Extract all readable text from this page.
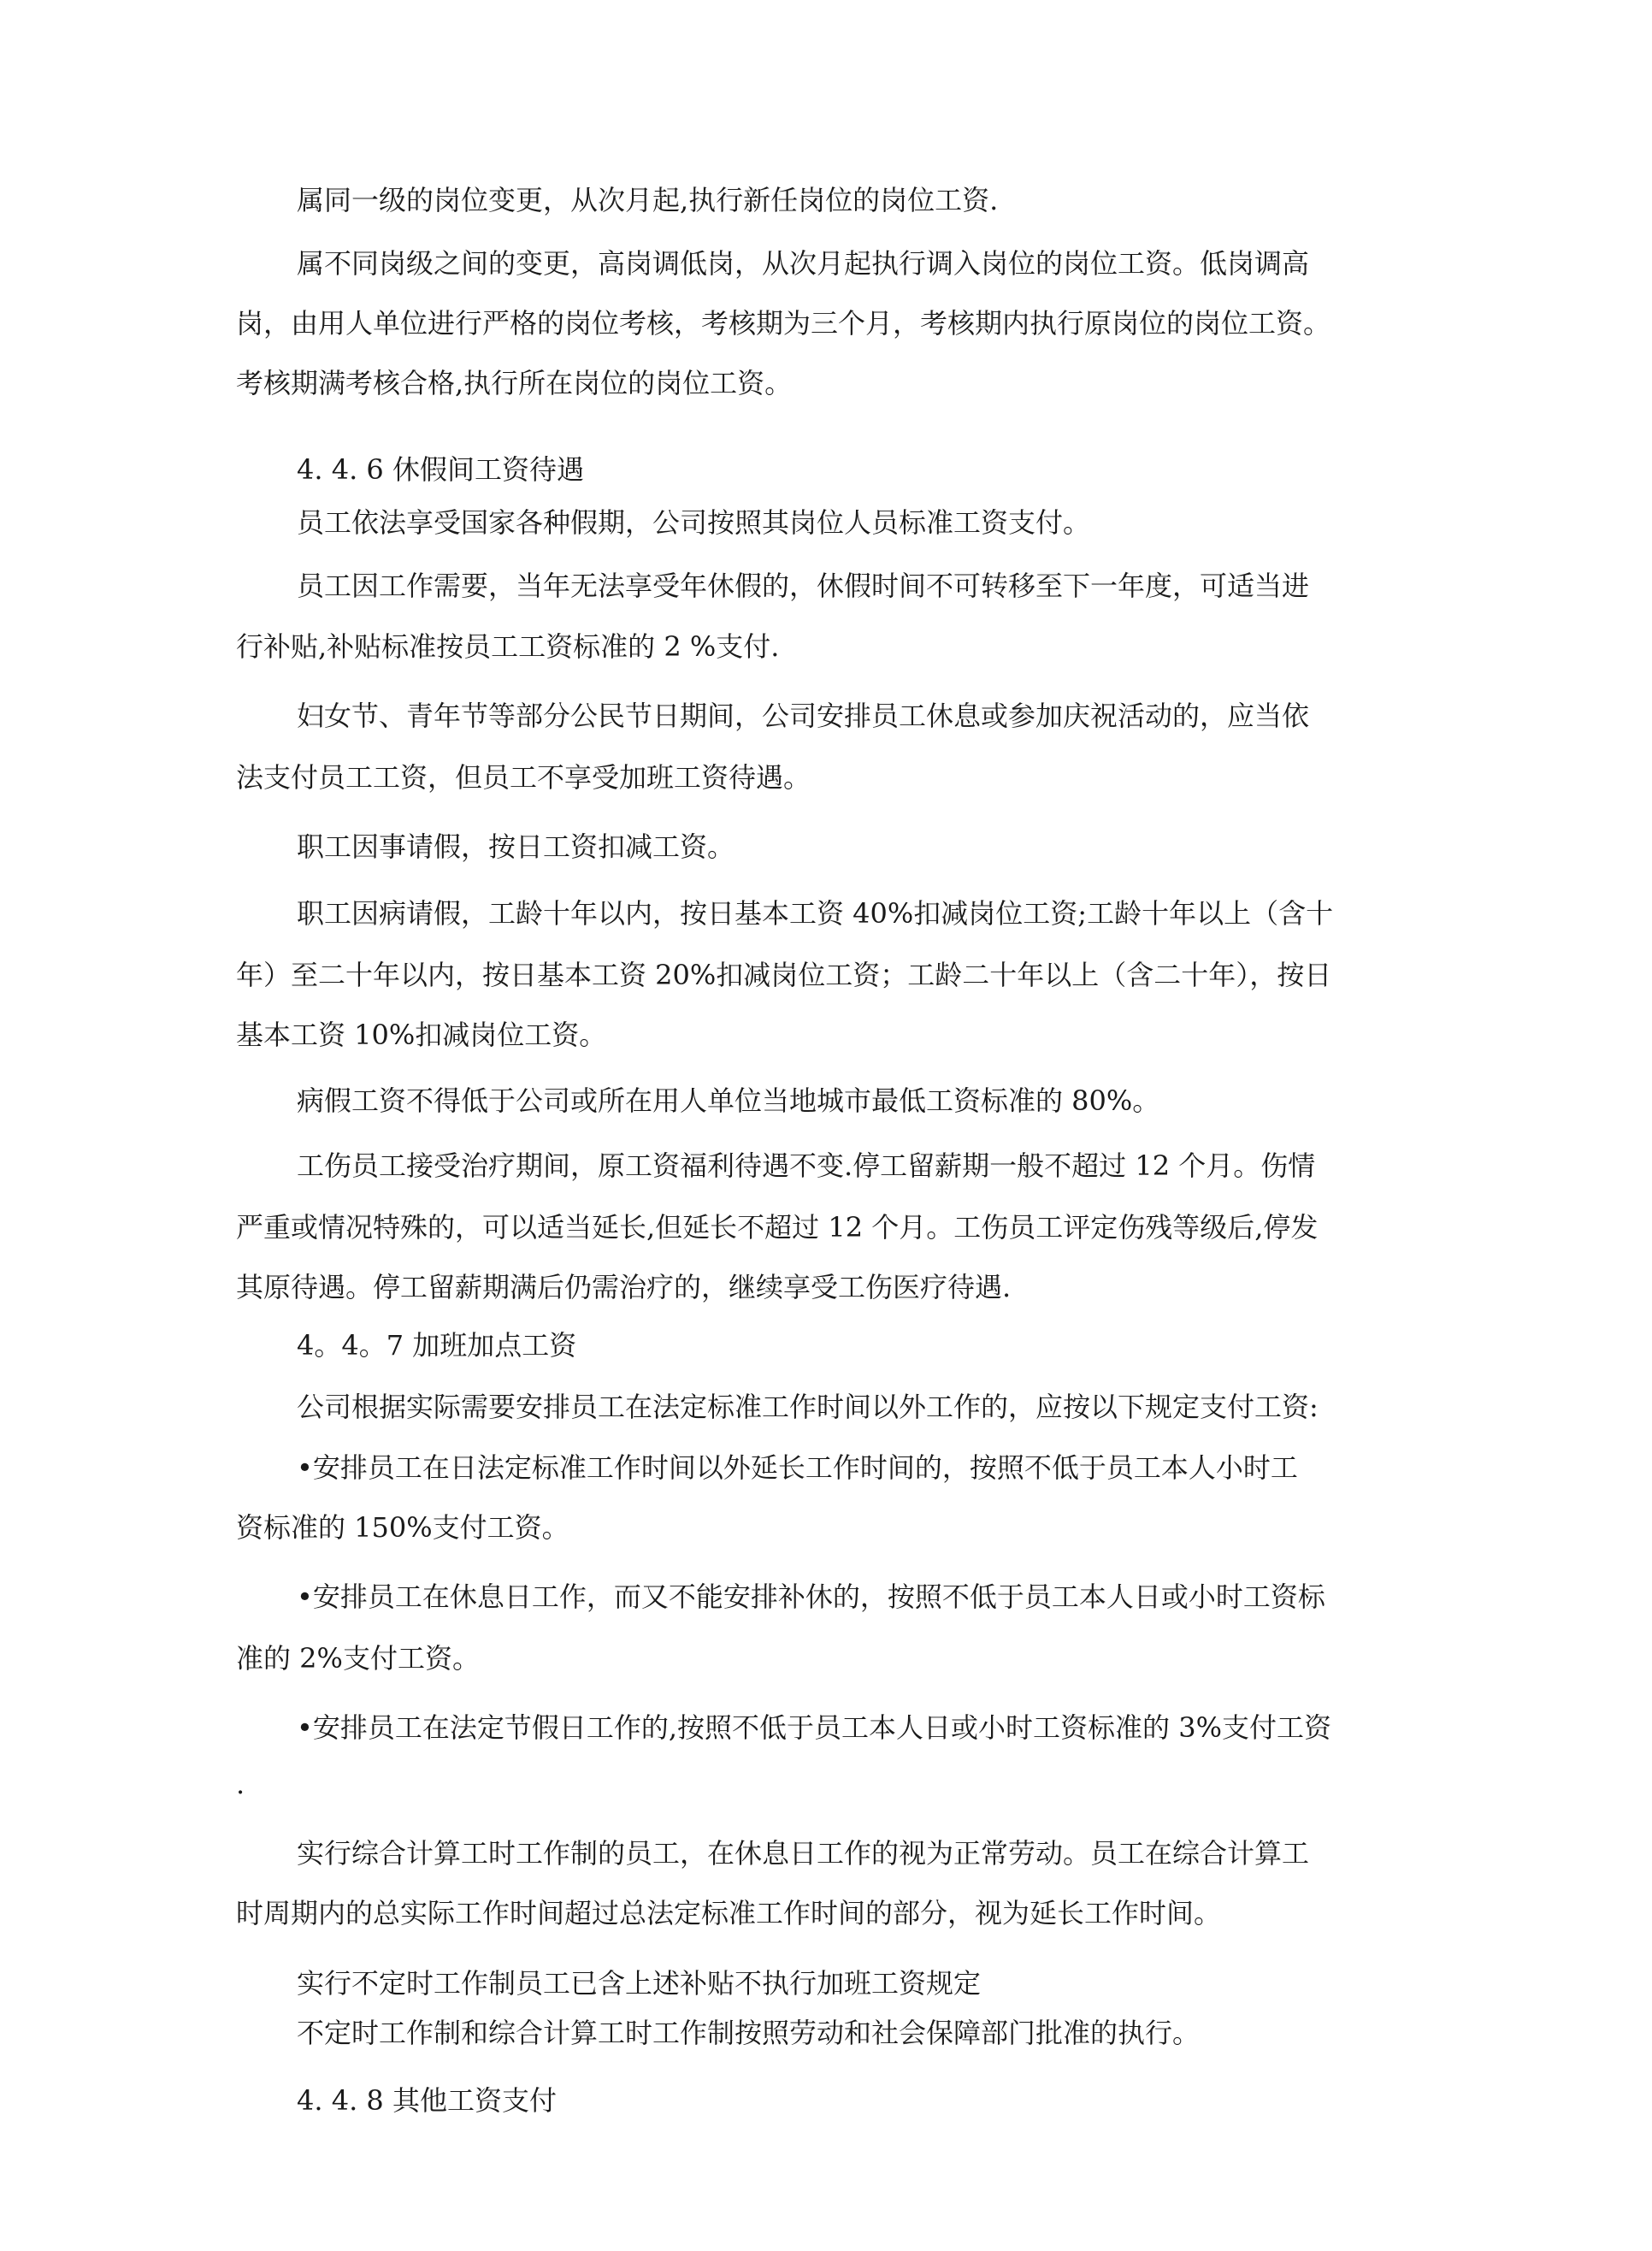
属同一级的岗位变更，从次月起,执行新任岗位的岗位工资.

属不同岗级之间的变更，高岗调低岗，从次月起执行调入岗位的岗位工资。低岗调高

岗，由用人单位进行严格的岗位考核，考核期为三个月，考核期内执行原岗位的岗位工资。

考核期满考核合格,执行所在岗位的岗位工资。

4. 4. 6 休假间工资待遇

员工依法享受国家各种假期，公司按照其岗位人员标准工资支付。

员工因工作需要，当年无法享受年休假的，休假时间不可转移至下一年度，可适当进

行补贴,补贴标准按员工工资标准的 2 %支付.

妇女节、青年节等部分公民节日期间，公司安排员工休息或参加庆祝活动的，应当依

法支付员工工资，但员工不享受加班工资待遇。

职工因事请假，按日工资扣减工资。

职工因病请假，工龄十年以内，按日基本工资 40%扣减岗位工资;工龄十年以上（含十

年）至二十年以内，按日基本工资 20%扣减岗位工资；工龄二十年以上（含二十年），按日

基本工资 10%扣减岗位工资。

病假工资不得低于公司或所在用人单位当地城市最低工资标准的 80%。

工伤员工接受治疗期间，原工资福利待遇不变.停工留薪期一般不超过 12 个月。伤情

严重或情况特殊的，可以适当延长,但延长不超过 12 个月。工伤员工评定伤残等级后,停发

其原待遇。停工留薪期满后仍需治疗的，继续享受工伤医疗待遇.

4。4。7 加班加点工资

公司根据实际需要安排员工在法定标准工作时间以外工作的，应按以下规定支付工资:

•安排员工在日法定标准工作时间以外延长工作时间的，按照不低于员工本人小时工

资标准的 150%支付工资。

•安排员工在休息日工作，而又不能安排补休的，按照不低于员工本人日或小时工资标

准的 2%支付工资。

•安排员工在法定节假日工作的,按照不低于员工本人日或小时工资标准的 3%支付工资

.

实行综合计算工时工作制的员工，在休息日工作的视为正常劳动。员工在综合计算工

时周期内的总实际工作时间超过总法定标准工作时间的部分，视为延长工作时间。

实行不定时工作制员工已含上述补贴不执行加班工资规定

不定时工作制和综合计算工时工作制按照劳动和社会保障部门批准的执行。

4. 4. 8 其他工资支付
